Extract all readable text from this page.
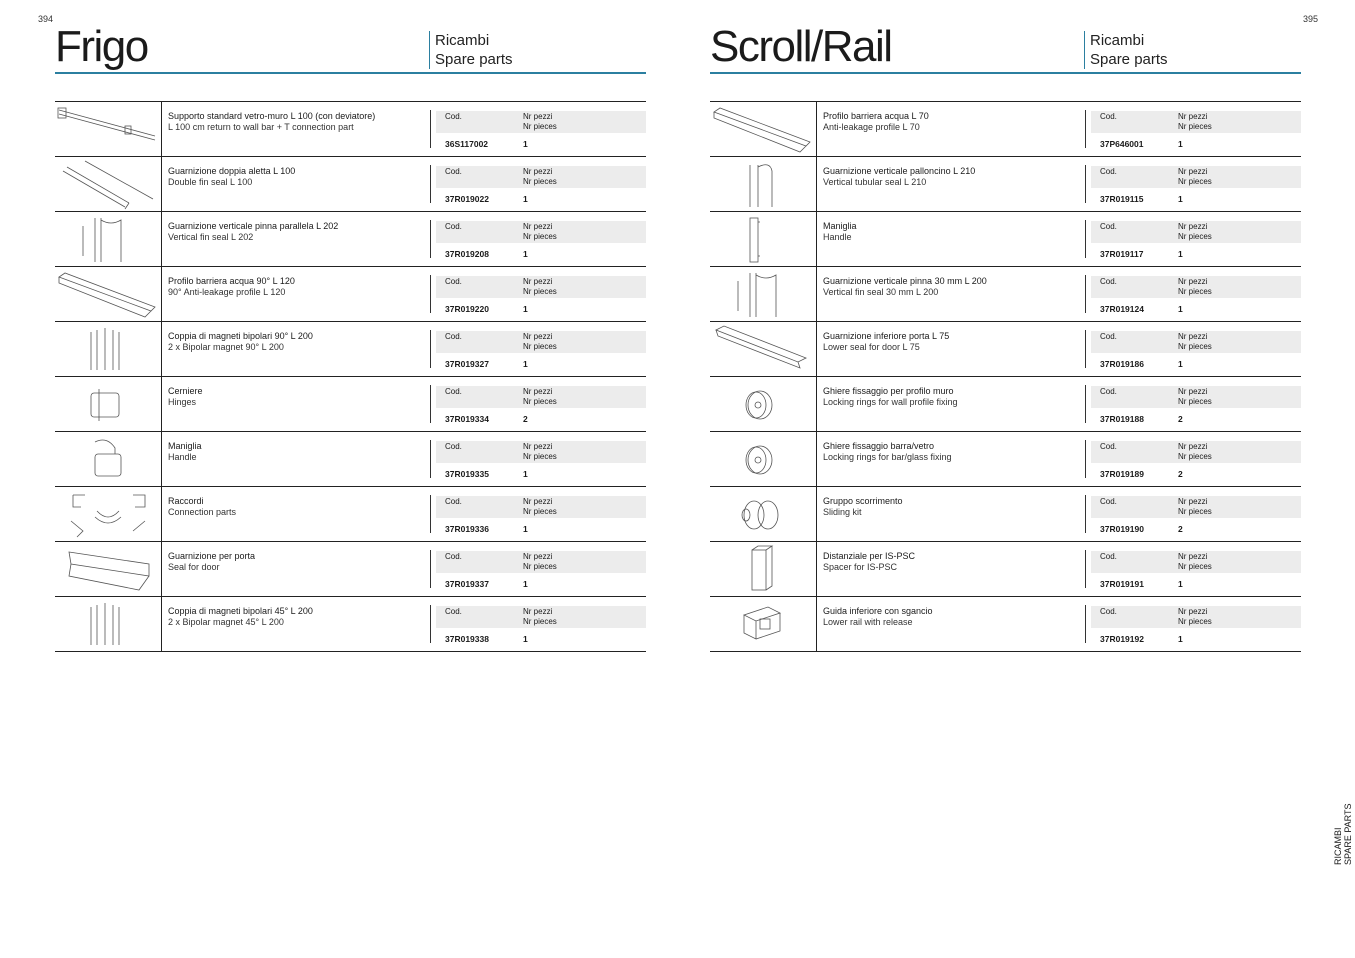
394	395
Frigo	Ricambi
Spare parts
Supporto standard vetro-muro L 100 (con deviatore)
L 100 cm return to wall bar + T connection part
Cod.	Nr pezzi
Nr pieces
36S117002	1
Guarnizione doppia aletta L 100
Double fin seal L 100
Cod.	Nr pezzi
Nr pieces
37R019022	1
Guarnizione verticale pinna parallela L 202
Vertical fin seal L 202
Cod.	Nr pezzi
Nr pieces
37R019208	1
Profilo barriera acqua 90° L 120
90° Anti-leakage profile L 120
Cod.	Nr pezzi
Nr pieces
37R019220	1
Coppia di magneti bipolari 90° L 200
2 x Bipolar magnet 90° L 200
Cod.	Nr pezzi
Nr pieces
37R019327	1
Cerniere
Hinges
Cod.	Nr pezzi
Nr pieces
37R019334	2
Maniglia
Handle
Cod.	Nr pezzi
Nr pieces
37R019335	1
Raccordi
Connection parts
Cod.	Nr pezzi
Nr pieces
37R019336	1
Guarnizione per porta
Seal for door
Cod.	Nr pezzi
Nr pieces
37R019337	1
Coppia di magneti bipolari 45° L 200
2 x Bipolar magnet 45° L 200
Cod.	Nr pezzi
Nr pieces
37R019338	1
Scroll/Rail	Ricambi
Spare parts
Profilo barriera acqua L 70
Anti-leakage profile L 70
Cod.	Nr pezzi
Nr pieces
37P646001	1
Guarnizione verticale palloncino L 210
Vertical tubular seal L 210
Cod.	Nr pezzi
Nr pieces
37R019115	1
Maniglia
Handle
Cod.	Nr pezzi
Nr pieces
37R019117	1
Guarnizione verticale pinna 30 mm L 200
Vertical fin seal 30 mm L 200
Cod.	Nr pezzi
Nr pieces
37R019124	1
Guarnizione inferiore porta L 75
Lower seal for door L 75
Cod.	Nr pezzi
Nr pieces
37R019186	1
Ghiere fissaggio per profilo muro
Locking rings for wall profile fixing
Cod.	Nr pezzi
Nr pieces
37R019188	2
Ghiere fissaggio barra/vetro
Locking rings for bar/glass fixing
Cod.	Nr pezzi
Nr pieces
37R019189	2
Gruppo scorrimento
Sliding kit
Cod.	Nr pezzi
Nr pieces
37R019190	2
Distanziale per IS-PSC
Spacer for IS-PSC
Cod.	Nr pezzi
Nr pieces
37R019191	1
Guida inferiore con sgancio
Lower rail with release
Cod.	Nr pezzi
Nr pieces
37R019192	1
RICAMBI SPARE PARTS
